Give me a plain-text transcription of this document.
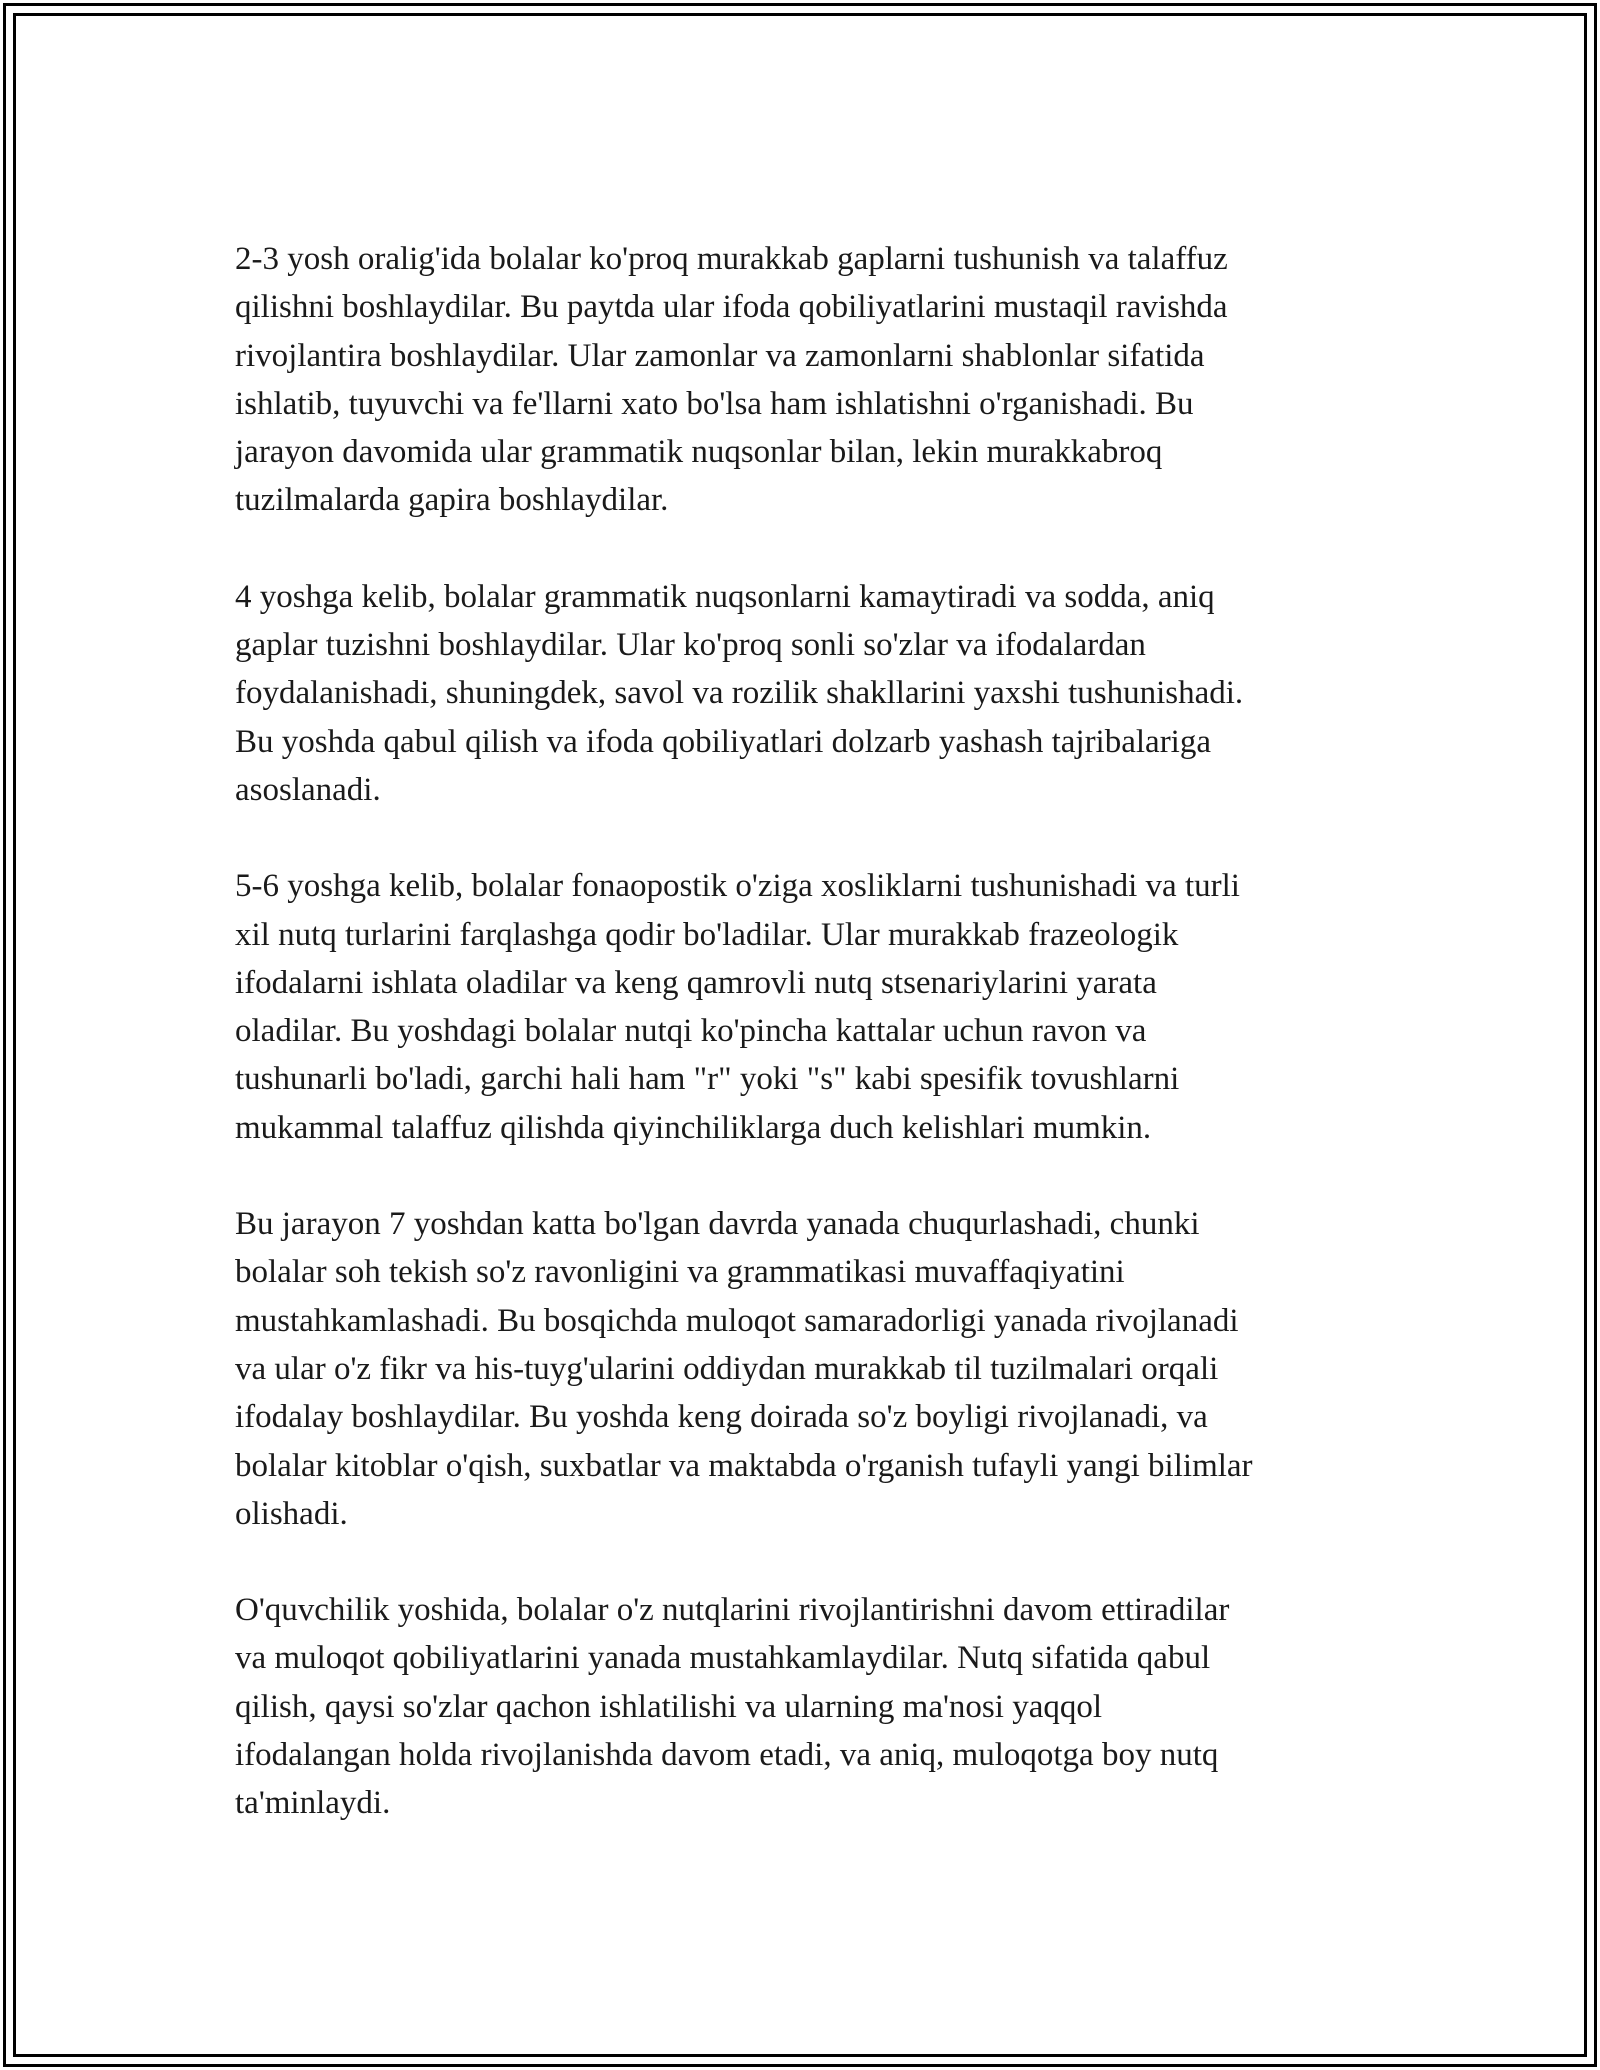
2-3 yosh oralig'ida bolalar ko'proq murakkab gaplarni tushunish va talaffuz
qilishni boshlaydilar. Bu paytda ular ifoda qobiliyatlarini mustaqil ravishda
rivojlantira boshlaydilar. Ular zamonlar va zamonlarni shablonlar sifatida
ishlatib, tuyuvchi va fe'llarni xato bo'lsa ham ishlatishni o'rganishadi. Bu
jarayon davomida ular grammatik nuqsonlar bilan, lekin murakkabroq
tuzilmalarda gapira boshlaydilar.

4 yoshga kelib, bolalar grammatik nuqsonlarni kamaytiradi va sodda, aniq
gaplar tuzishni boshlaydilar. Ular ko'proq sonli so'zlar va ifodalardan
foydalanishadi, shuningdek, savol va rozilik shakllarini yaxshi tushunishadi.
Bu yoshda qabul qilish va ifoda qobiliyatlari dolzarb yashash tajribalariga
asoslanadi.

5-6 yoshga kelib, bolalar fonaopostik o'ziga xosliklarni tushunishadi va turli
xil nutq turlarini farqlashga qodir bo'ladilar. Ular murakkab frazeologik
ifodalarni ishlata oladilar va keng qamrovli nutq stsenariylarini yarata
oladilar. Bu yoshdagi bolalar nutqi ko'pincha kattalar uchun ravon va
tushunarli bo'ladi, garchi hali ham "r" yoki "s" kabi spesifik tovushlarni
mukammal talaffuz qilishda qiyinchiliklarga duch kelishlari mumkin.

Bu jarayon 7 yoshdan katta bo'lgan davrda yanada chuqurlashadi, chunki
bolalar soh tekish so'z ravonligini va grammatikasi muvaffaqiyatini
mustahkamlashadi. Bu bosqichda muloqot samaradorligi yanada rivojlanadi
va ular o'z fikr va his-tuyg'ularini oddiydan murakkab til tuzilmalari orqali
ifodalay boshlaydilar. Bu yoshda keng doirada so'z boyligi rivojlanadi, va
bolalar kitoblar o'qish, suxbatlar va maktabda o'rganish tufayli yangi bilimlar
olishadi.

O'quvchilik yoshida, bolalar o'z nutqlarini rivojlantirishni davom ettiradilar
va muloqot qobiliyatlarini yanada mustahkamlaydilar. Nutq sifatida qabul
qilish, qaysi so'zlar qachon ishlatilishi va ularning ma'nosi yaqqol
ifodalangan holda rivojlanishda davom etadi, va aniq, muloqotga boy nutq
ta'minlaydi.
